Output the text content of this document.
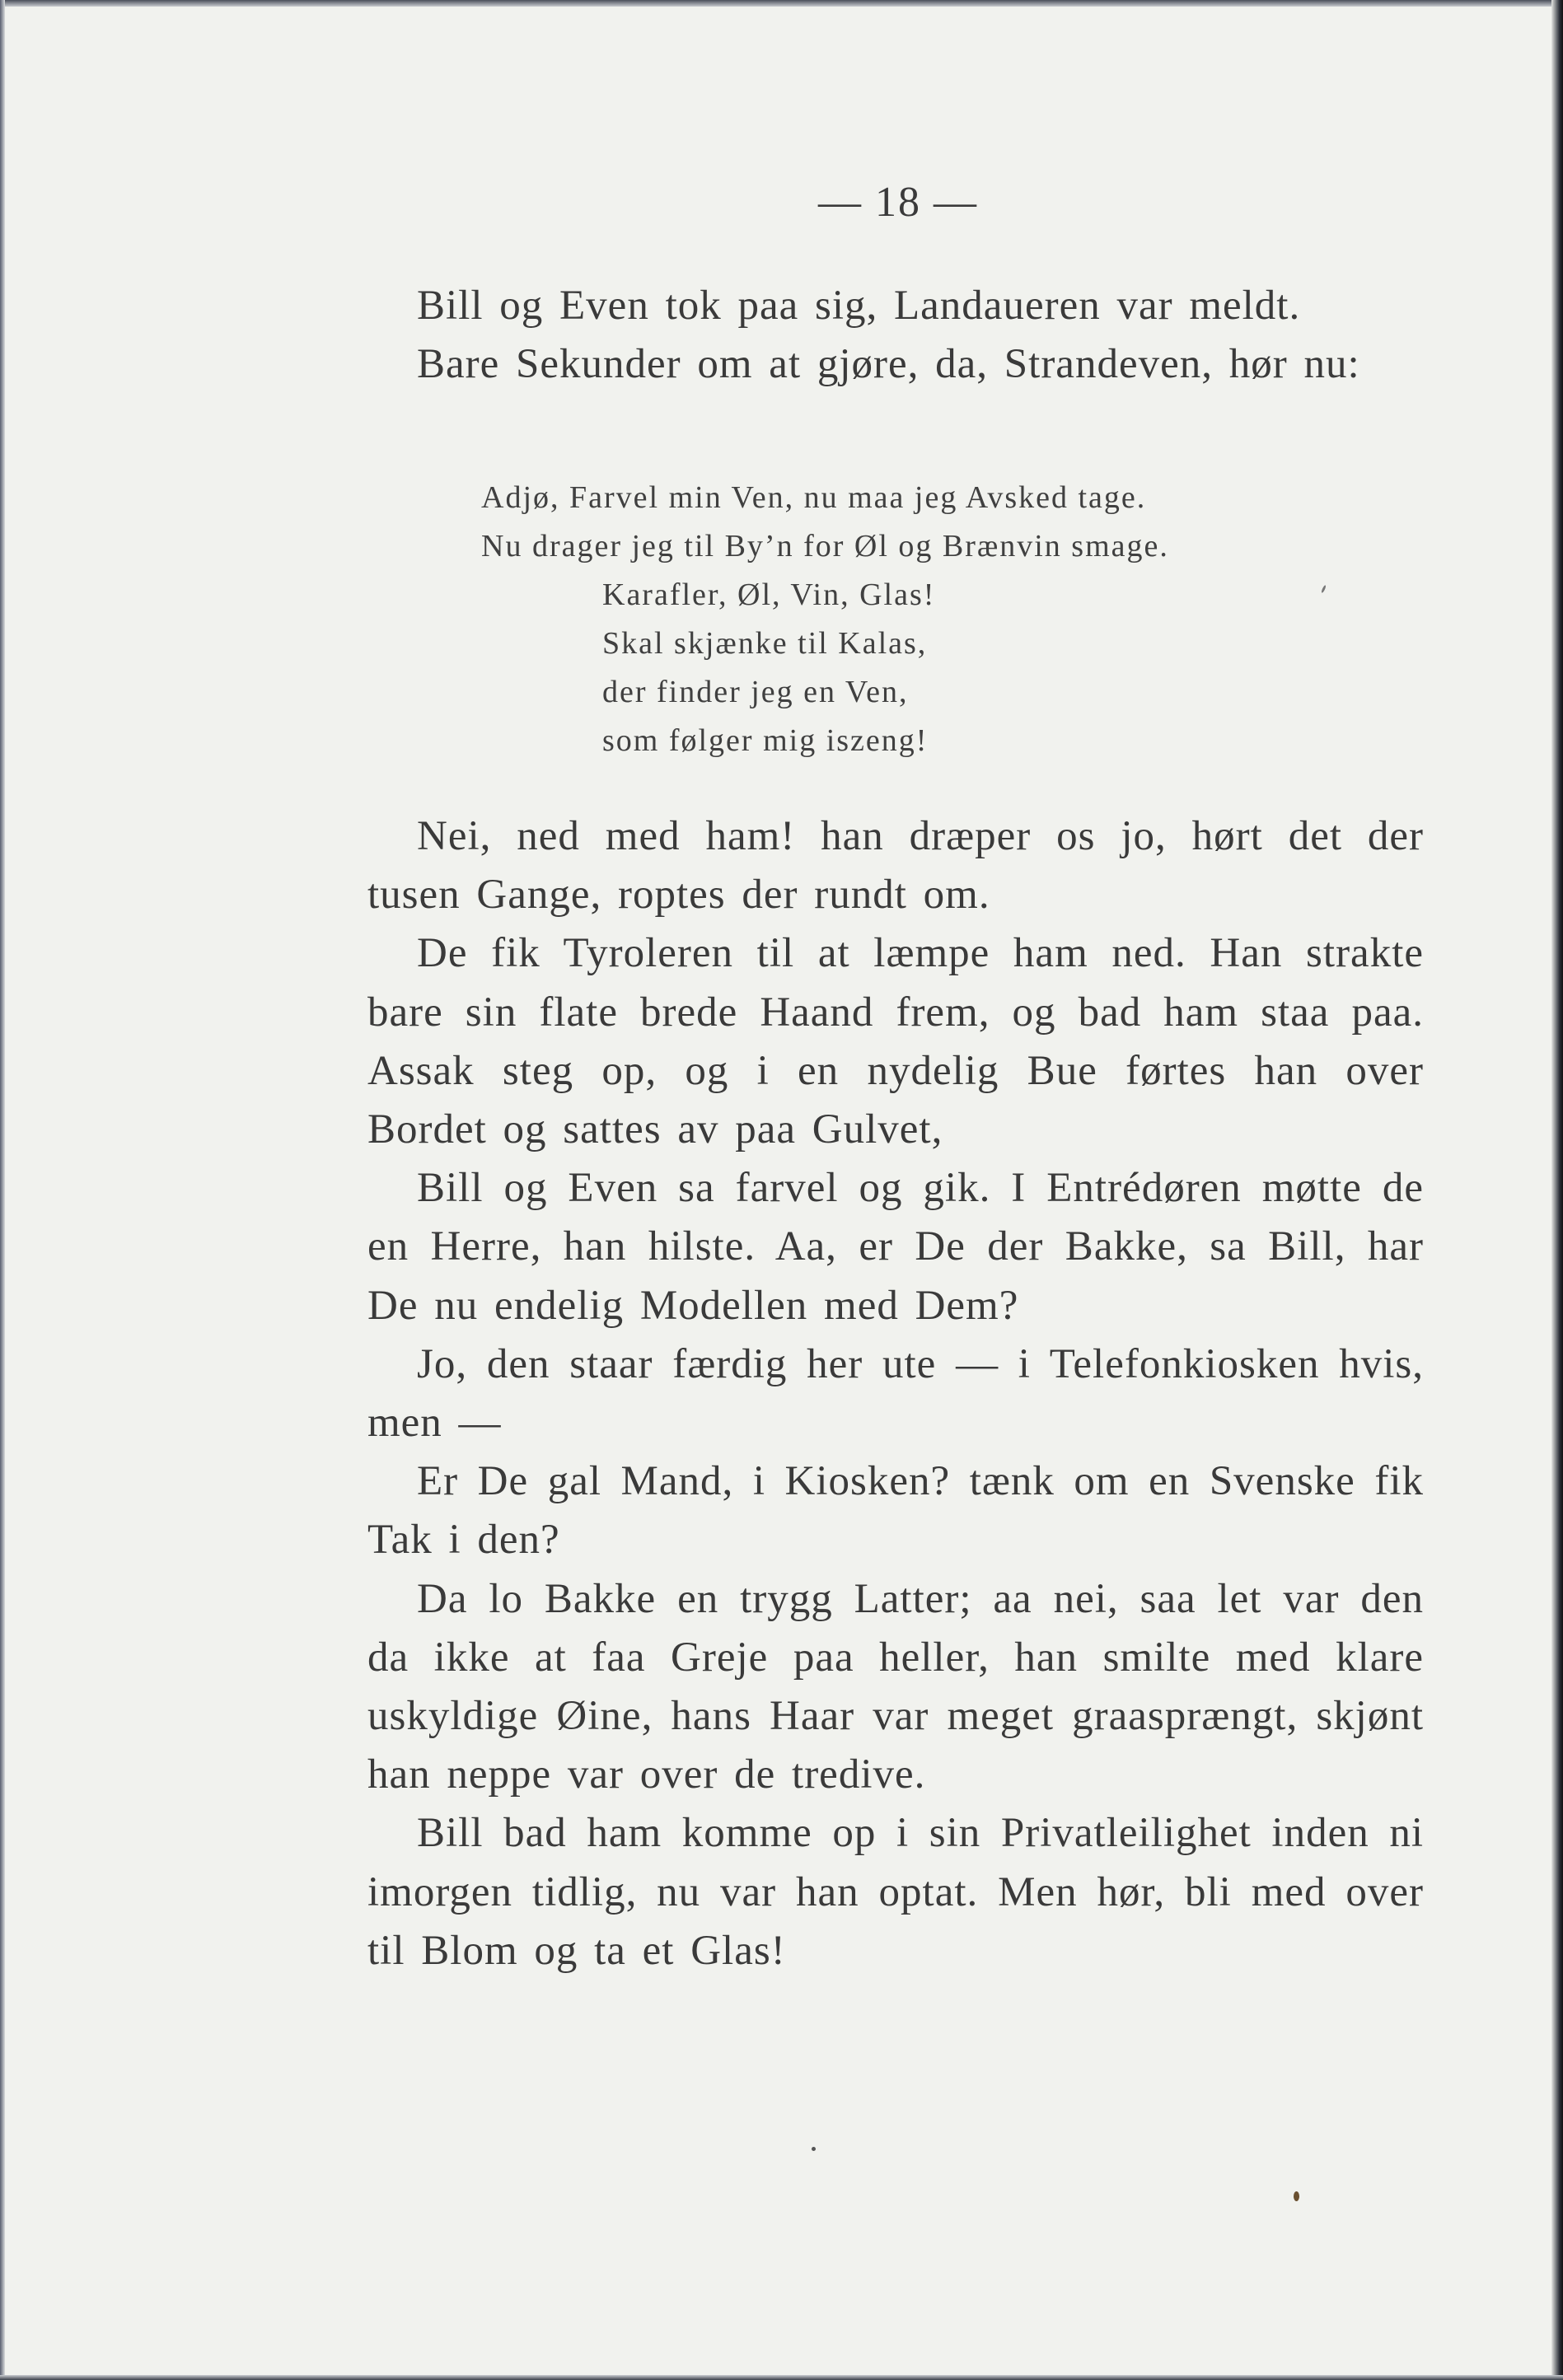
— 18 —

Bill og Even tok paa sig, Landaueren var meldt.

Bare Sekunder om at gjøre, da, Strandeven, hør nu:

Adjø, Farvel min Ven, nu maa jeg Avsked tage.
Nu drager jeg til By’n for Øl og Brænvin smage.
Karafler, Øl, Vin, Glas!
Skal skjænke til Kalas,
der finder jeg en Ven,
som følger mig iszeng!

Nei, ned med ham! han dræper os jo, hørt det der tusen Gange, roptes der rundt om.

De fik Tyroleren til at læmpe ham ned. Han strakte bare sin flate brede Haand frem, og bad ham staa paa. Assak steg op, og i en nydelig Bue førtes han over Bordet og sattes av paa Gulvet,

Bill og Even sa farvel og gik. I Entrédøren møtte de en Herre, han hilste. Aa, er De der Bakke, sa Bill, har De nu endelig Modellen med Dem?

Jo, den staar færdig her ute — i Telefonkiosken hvis, men —

Er De gal Mand, i Kiosken? tænk om en Svenske fik Tak i den?

Da lo Bakke en trygg Latter; aa nei, saa let var den da ikke at faa Greje paa heller, han smilte med klare uskyldige Øine, hans Haar var meget graasprængt, skjønt han neppe var over de tredive.

Bill bad ham komme op i sin Privatleilighet inden ni imorgen tidlig, nu var han optat. Men hør, bli med over til Blom og ta et Glas!
